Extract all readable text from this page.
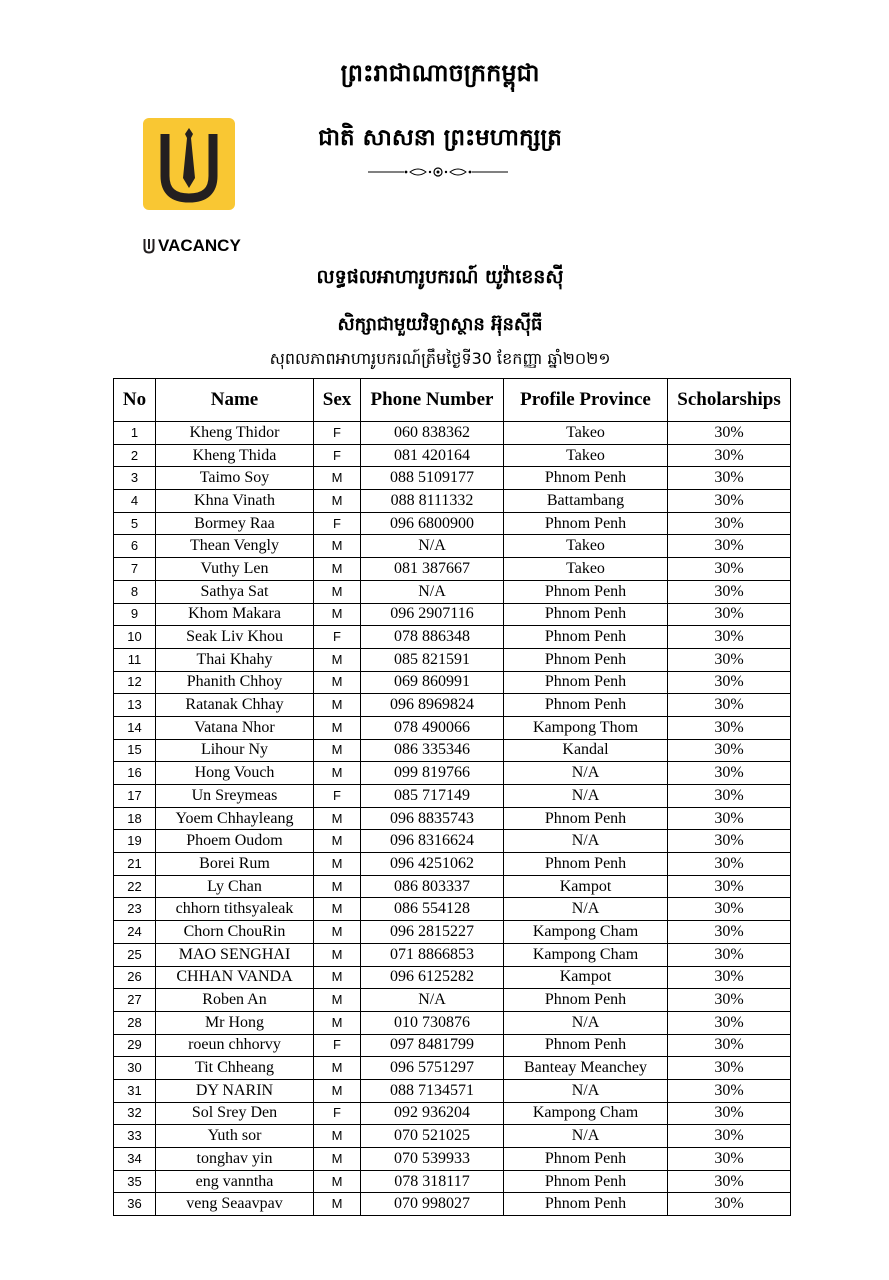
VACANCY
ព្រះរាជាណាចក្រកម្ពុជា
ជាតិ សាសនា ព្រះមហាក្សត្រ
លទ្ធផលអាហារូបករណ៍ យូវ៉ាខេនស៊ី
សិក្សាជាមួយវិទ្យាស្ថាន អ៊ុនស៊ី‌ធី
សុពលភាពអាហារូបករណ៍ត្រឹមថ្ងៃទី30 ខែកញ្ញា ឆ្នាំ២០២១
No	Name	Sex	Phone Number	Profile Province	Scholarships
1	Kheng Thidor	F	060 838362	Takeo	30%
2	Kheng Thida	F	081 420164	Takeo	30%
3	Taimo Soy	M	088 5109177	Phnom Penh	30%
4	Khna Vinath	M	088 8111332	Battambang	30%
5	Bormey Raa	F	096 6800900	Phnom Penh	30%
6	Thean Vengly	M	N/A	Takeo	30%
7	Vuthy Len	M	081 387667	Takeo	30%
8	Sathya Sat	M	N/A	Phnom Penh	30%
9	Khom Makara	M	096 2907116	Phnom Penh	30%
10	Seak Liv Khou	F	078 886348	Phnom Penh	30%
11	Thai Khahy	M	085 821591	Phnom Penh	30%
12	Phanith Chhoy	M	069 860991	Phnom Penh	30%
13	Ratanak Chhay	M	096 8969824	Phnom Penh	30%
14	Vatana Nhor	M	078 490066	Kampong Thom	30%
15	Lihour Ny	M	086 335346	Kandal	30%
16	Hong Vouch	M	099 819766	N/A	30%
17	Un Sreymeas	F	085 717149	N/A	30%
18	Yoem Chhayleang	M	096 8835743	Phnom Penh	30%
19	Phoem Oudom	M	096 8316624	N/A	30%
21	Borei Rum	M	096 4251062	Phnom Penh	30%
22	Ly Chan	M	086 803337	Kampot	30%
23	chhorn tithsyaleak	M	086 554128	N/A	30%
24	Chorn ChouRin	M	096 2815227	Kampong Cham	30%
25	MAO SENGHAI	M	071 8866853	Kampong Cham	30%
26	CHHAN VANDA	M	096 6125282	Kampot	30%
27	Roben An	M	N/A	Phnom Penh	30%
28	Mr Hong	M	010 730876	N/A	30%
29	roeun chhorvy	F	097 8481799	Phnom Penh	30%
30	Tit Chheang	M	096 5751297	Banteay Meanchey	30%
31	DY NARIN	M	088 7134571	N/A	30%
32	Sol Srey Den	F	092 936204	Kampong Cham	30%
33	Yuth sor	M	070 521025	N/A	30%
34	tonghav yin	M	070 539933	Phnom Penh	30%
35	eng vanntha	M	078 318117	Phnom Penh	30%
36	veng Seaavpav	M	070 998027	Phnom Penh	30%
